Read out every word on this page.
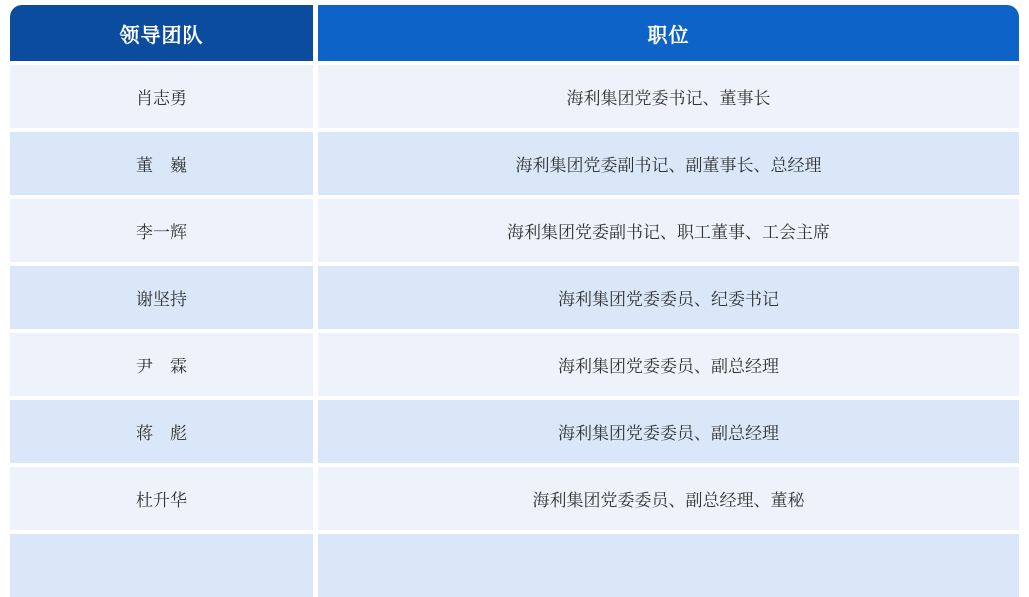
领导团队	职位
肖志勇	海利集团党委书记、董事长
董　巍	海利集团党委副书记、副董事长、总经理
李一辉	海利集团党委副书记、职工董事、工会主席
谢坚持	海利集团党委委员、纪委书记
尹　霖	海利集团党委委员、副总经理
蒋　彪	海利集团党委委员、副总经理
杜升华	海利集团党委委员、副总经理、董秘
